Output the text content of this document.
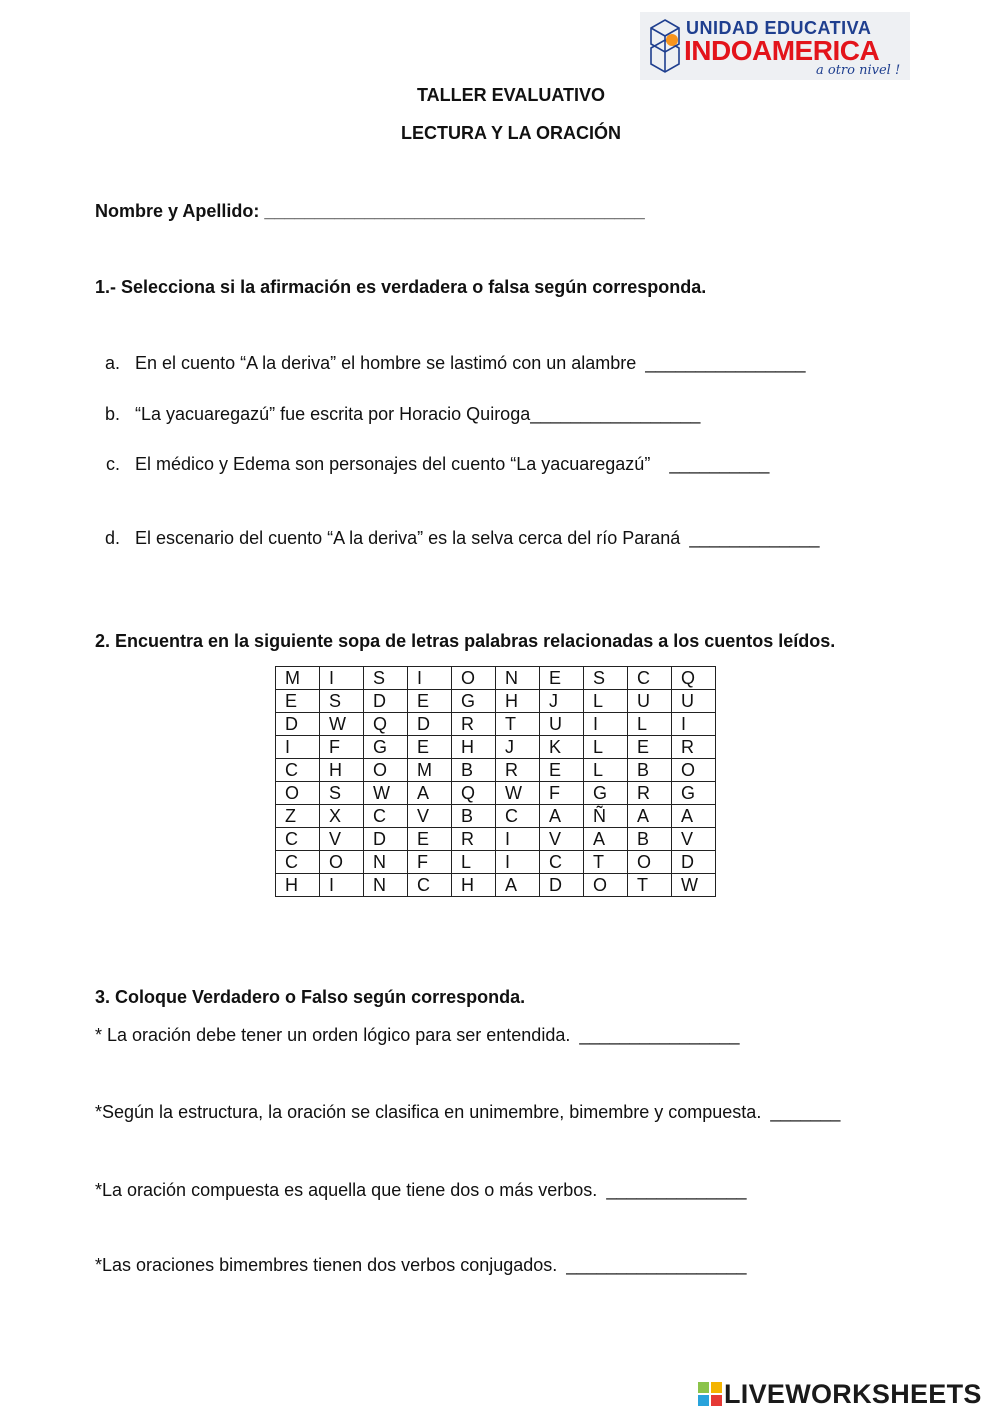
UNIDAD EDUCATIVA
INDOAMERICA
a otro nivel !
TALLER EVALUATIVO
LECTURA Y LA ORACIÓN
Nombre y Apellido: ______________________________________
1.- Selecciona si la afirmación es verdadera o falsa según corresponda.
a. En el cuento “A la deriva” el hombre se lastimó con un alambre ________________
b. “La yacuaregazú” fue escrita por Horacio Quiroga_________________
c. El médico y Edema son personajes del cuento “La yacuaregazú” __________
d. El escenario del cuento “A la deriva” es la selva cerca del río Paraná _____________
2. Encuentra en la siguiente sopa de letras palabras relacionadas a los cuentos leídos.
M	I	S	I	O	N	E	S	C	Q
E	S	D	E	G	H	J	L	U	U
D	W	Q	D	R	T	U	I	L	I
I	F	G	E	H	J	K	L	E	R
C	H	O	M	B	R	E	L	B	O
O	S	W	A	Q	W	F	G	R	G
Z	X	C	V	B	C	A	Ñ	A	A
C	V	D	E	R	I	V	A	B	V
C	O	N	F	L	I	C	T	O	D
H	I	N	C	H	A	D	O	T	W
3. Coloque Verdadero o Falso según corresponda.
* La oración debe tener un orden lógico para ser entendida. ________________
*Según la estructura, la oración se clasifica en unimembre, bimembre y compuesta. _______
*La oración compuesta es aquella que tiene dos o más verbos. ______________
*Las oraciones bimembres tienen dos verbos conjugados. __________________
LIVEWORKSHEETS
